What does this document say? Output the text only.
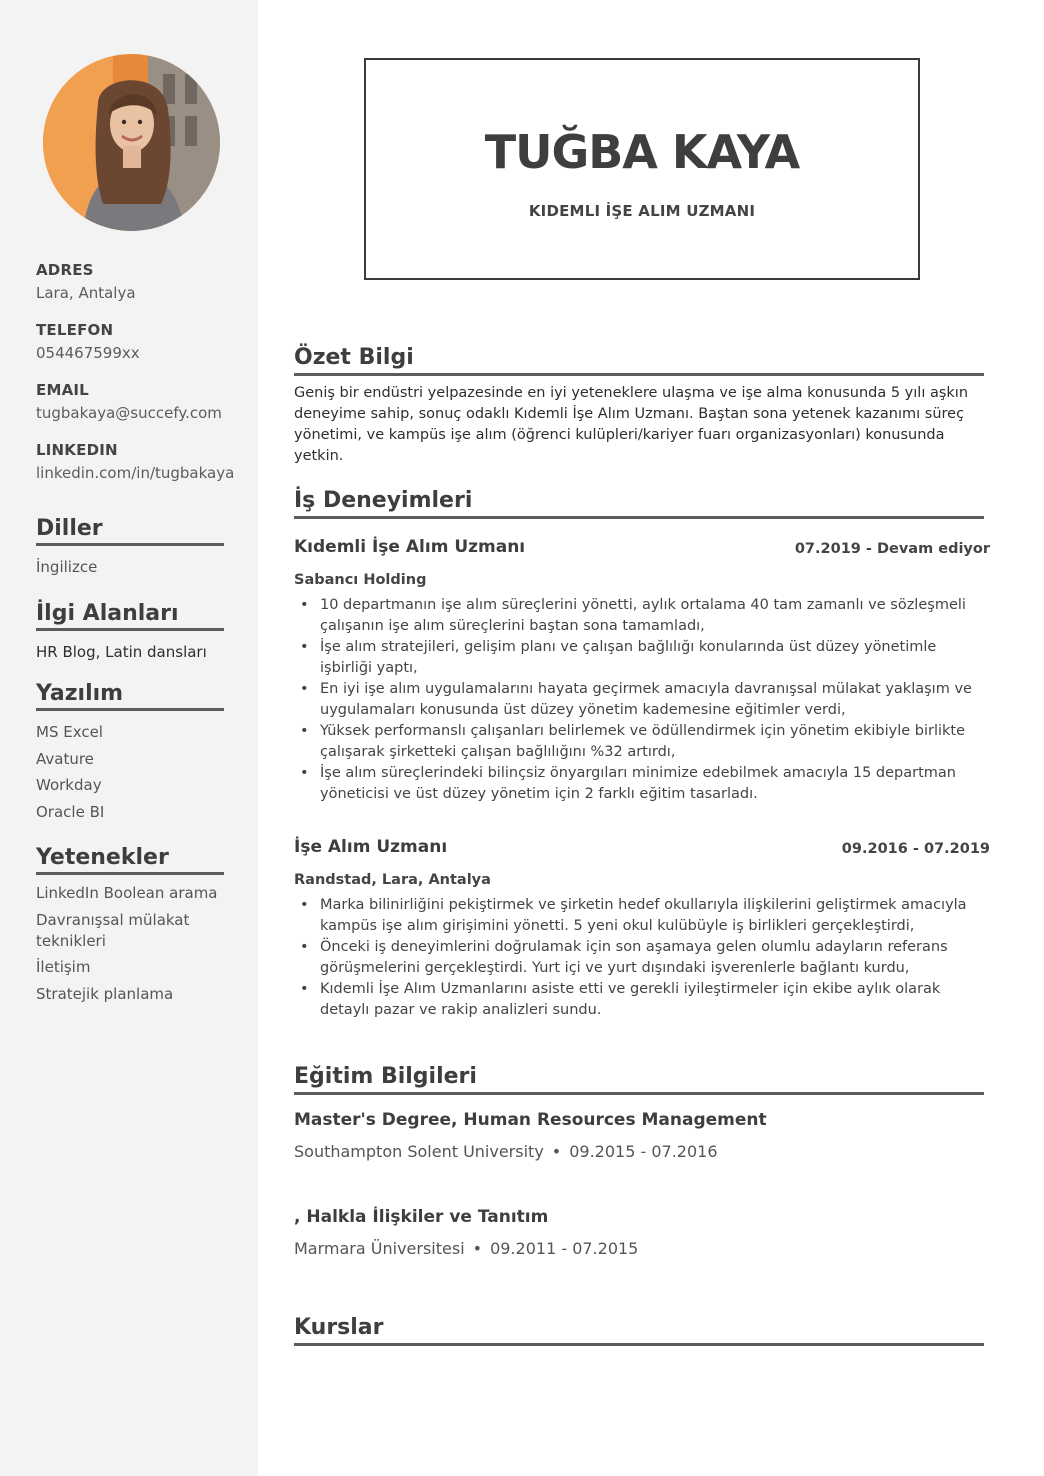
ADRES
Lara, Antalya
TELEFON
054467599xx
EMAIL
tugbakaya@succefy.com
LINKEDIN
linkedin.com/in/tugbakaya
Diller
İngilizce
İlgi Alanları
HR Blog, Latin dansları
Yazılım
MS Excel
Avature
Workday
Oracle BI
Yetenekler
LinkedIn Boolean arama
Davranışsal mülakat teknikleri
İletişim
Stratejik planlama
TUĞBA KAYA
KIDEMLI İŞE ALIM UZMANI
Özet Bilgi

Geniş bir endüstri yelpazesinde en iyi yeteneklere ulaşma ve işe alma konusunda 5 yılı aşkın deneyime sahip, sonuç odaklı Kıdemli İşe Alım Uzmanı. Baştan sona yetenek kazanımı süreç yönetimi, ve kampüs işe alım (öğrenci kulüpleri/kariyer fuarı organizasyonları) konusunda yetkin.

İş Deneyimleri
Kıdemli İşe Alım Uzmanı	07.2019 - Devam ediyor
Sabancı Holding
• 10 departmanın işe alım süreçlerini yönetti, aylık ortalama 40 tam zamanlı ve sözleşmeli çalışanın işe alım süreçlerini baştan sona tamamladı,
• İşe alım stratejileri, gelişim planı ve çalışan bağlılığı konularında üst düzey yönetimle işbirliği yaptı,
• En iyi işe alım uygulamalarını hayata geçirmek amacıyla davranışsal mülakat yaklaşım ve uygulamaları konusunda üst düzey yönetim kademesine eğitimler verdi,
• Yüksek performanslı çalışanları belirlemek ve ödüllendirmek için yönetim ekibiyle birlikte çalışarak şirketteki çalışan bağlılığını %32 artırdı,
• İşe alım süreçlerindeki bilinçsiz önyargıları minimize edebilmek amacıyla 15 departman yöneticisi ve üst düzey yönetim için 2 farklı eğitim tasarladı.
İşe Alım Uzmanı	09.2016 - 07.2019
Randstad, Lara, Antalya
• Marka bilinirliğini pekiştirmek ve şirketin hedef okullarıyla ilişkilerini geliştirmek amacıyla kampüs işe alım girişimini yönetti. 5 yeni okul kulübüyle iş birlikleri gerçekleştirdi,
• Önceki iş deneyimlerini doğrulamak için son aşamaya gelen olumlu adayların referans görüşmelerini gerçekleştirdi. Yurt içi ve yurt dışındaki işverenlerle bağlantı kurdu,
• Kıdemli İşe Alım Uzmanlarını asiste etti ve gerekli iyileştirmeler için ekibe aylık olarak detaylı pazar ve rakip analizleri sundu.
Eğitim Bilgileri
Master's Degree, Human Resources Management
Southampton Solent University • 09.2015 - 07.2016
, Halkla İlişkiler ve Tanıtım
Marmara Üniversitesi • 09.2011 - 07.2015
Kurslar
